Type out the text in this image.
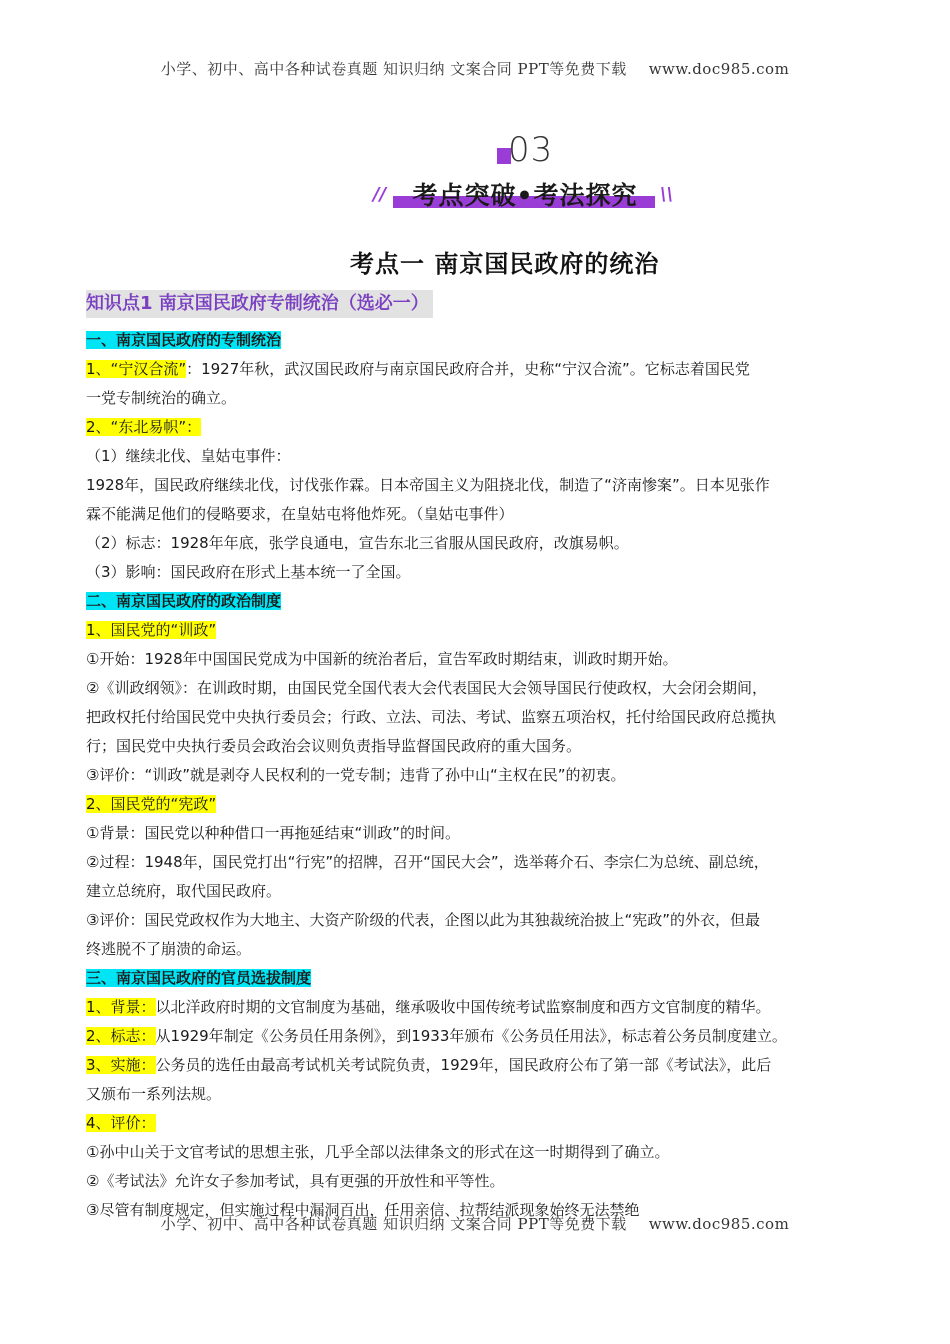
小学、初中、高中各种试卷真题 知识归纳 文案合同 PPT等免费下载 www.doc985.com
03
//	考点突破•考法探究	\\
考点一 南京国民政府的统治
知识点1 南京国民政府专制统治（选必一）
一、南京国民政府的专制统治
1、“宁汉合流”：1927年秋，武汉国民政府与南京国民政府合并，史称“宁汉合流”。它标志着国民党
一党专制统治的确立。
2、“东北易帜”：
（1）继续北伐、皇姑屯事件：
1928年，国民政府继续北伐，讨伐张作霖。日本帝国主义为阻挠北伐，制造了“济南惨案”。日本见张作
霖不能满足他们的侵略要求，在皇姑屯将他炸死。（皇姑屯事件）
（2）标志：1928年年底，张学良通电，宣告东北三省服从国民政府，改旗易帜。
（3）影响：国民政府在形式上基本统一了全国。
二、南京国民政府的政治制度
1、国民党的“训政”
①开始：1928年中国国民党成为中国新的统治者后，宣告军政时期结束，训政时期开始。
②《训政纲领》：在训政时期，由国民党全国代表大会代表国民大会领导国民行使政权，大会闭会期间，
把政权托付给国民党中央执行委员会；行政、立法、司法、考试、监察五项治权，托付给国民政府总揽执
行；国民党中央执行委员会政治会议则负责指导监督国民政府的重大国务。
③评价：“训政”就是剥夺人民权利的一党专制；违背了孙中山“主权在民”的初衷。
2、国民党的“宪政”
①背景：国民党以种种借口一再拖延结束“训政”的时间。
②过程：1948年，国民党打出“行宪”的招牌，召开“国民大会”，选举蒋介石、李宗仁为总统、副总统，
建立总统府，取代国民政府。
③评价：国民党政权作为大地主、大资产阶级的代表，企图以此为其独裁统治披上“宪政”的外衣，但最
终逃脱不了崩溃的命运。
三、南京国民政府的官员选拔制度
1、背景：以北洋政府时期的文官制度为基础，继承吸收中国传统考试监察制度和西方文官制度的精华。
2、标志：从1929年制定《公务员任用条例》，到1933年颁布《公务员任用法》，标志着公务员制度建立。
3、实施：公务员的选任由最高考试机关考试院负责，1929年，国民政府公布了第一部《考试法》，此后
又颁布一系列法规。
4、评价：
①孙中山关于文官考试的思想主张，几乎全部以法律条文的形式在这一时期得到了确立。
②《考试法》允许女子参加考试，具有更强的开放性和平等性。
③尽管有制度规定，但实施过程中漏洞百出，任用亲信、拉帮结派现象始终无法禁绝
小学、初中、高中各种试卷真题 知识归纳 文案合同 PPT等免费下载 www.doc985.com
